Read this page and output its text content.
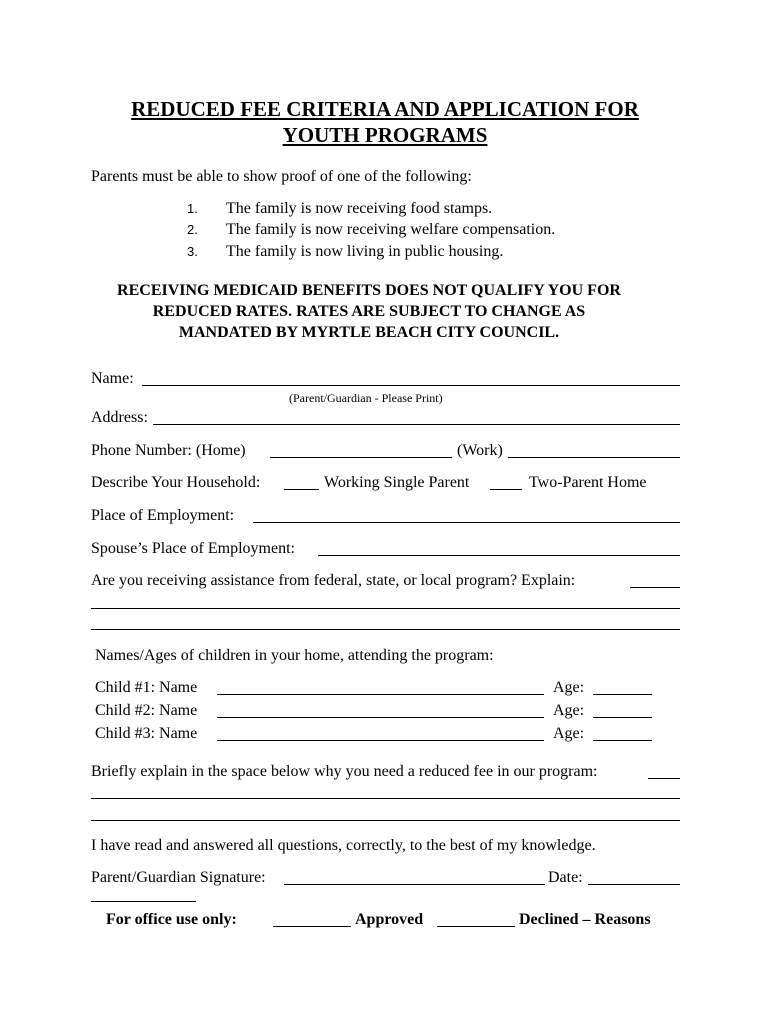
REDUCED FEE CRITERIA AND APPLICATION FOR
YOUTH PROGRAMS
Parents must be able to show proof of one of the following:
1. The family is now receiving food stamps.
2. The family is now receiving welfare compensation.
3. The family is now living in public housing.
RECEIVING MEDICAID BENEFITS DOES NOT QUALIFY YOU FOR
REDUCED RATES. RATES ARE SUBJECT TO CHANGE AS
MANDATED BY MYRTLE BEACH CITY COUNCIL.
Name:
(Parent/Guardian - Please Print)
Address:
Phone Number: (Home)	(Work)
Describe Your Household:	Working Single Parent	Two-Parent Home
Place of Employment:
Spouse’s Place of Employment:
Are you receiving assistance from federal, state, or local program? Explain:
Names/Ages of children in your home, attending the program:
Child #1: Name	Age:
Child #2: Name	Age:
Child #3: Name	Age:
Briefly explain in the space below why you need a reduced fee in our program:
I have read and answered all questions, correctly, to the best of my knowledge.
Parent/Guardian Signature:	Date:
For office use only:	Approved	Declined – Reasons
